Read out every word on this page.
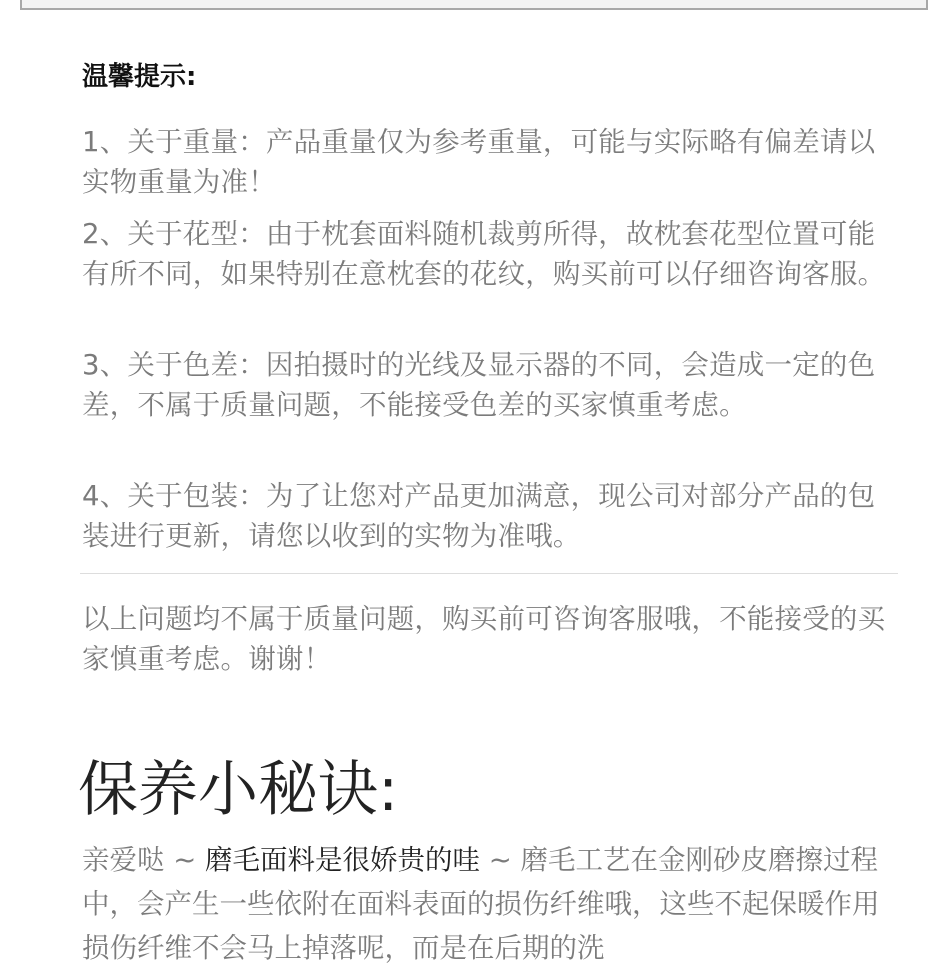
温馨提示:

1、关于重量：产品重量仅为参考重量，可能与实际略有偏差请以实物重量为准！

2、关于花型：由于枕套面料随机裁剪所得，故枕套花型位置可能有所不同，如果特别在意枕套的花纹，购买前可以仔细咨询客服。

3、关于色差：因拍摄时的光线及显示器的不同，会造成一定的色差，不属于质量问题，不能接受色差的买家慎重考虑。

4、关于包装：为了让您对产品更加满意，现公司对部分产品的包装进行更新，请您以收到的实物为准哦。

以上问题均不属于质量问题，购买前可咨询客服哦，不能接受的买家慎重考虑。谢谢！

保养小秘诀:

亲爱哒 ~ 磨毛面料是很娇贵的哇 ~ 磨毛工艺在金刚砂皮磨擦过程中，会产生一些依附在面料表面的损伤纤维哦，这些不起保暖作用损伤纤维不会马上掉落呢，而是在后期的洗
